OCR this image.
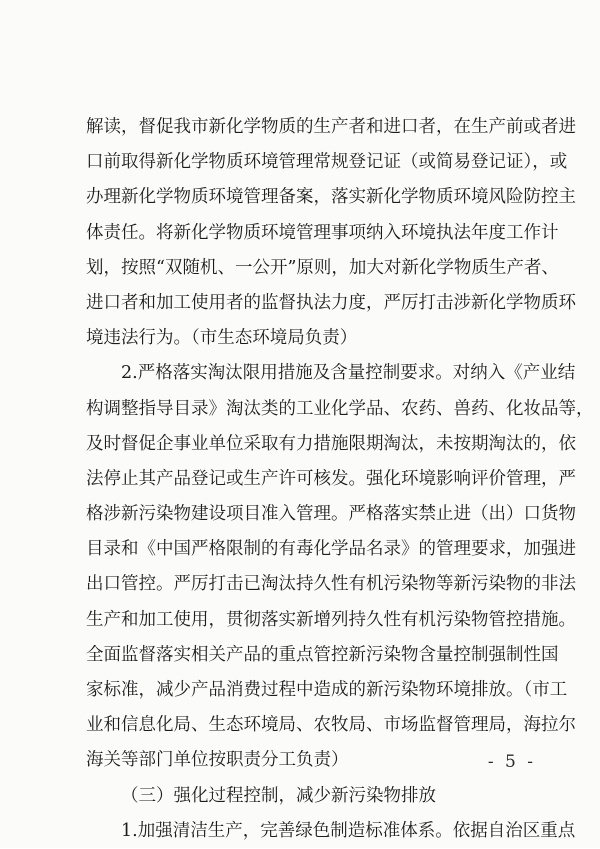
解读，督促我市新化学物质的生产者和进口者，在生产前或者进
口前取得新化学物质环境管理常规登记证（或简易登记证），或
办理新化学物质环境管理备案，落实新化学物质环境风险防控主
体责任。将新化学物质环境管理事项纳入环境执法年度工作计
划，按照“双随机、一公开”原则，加大对新化学物质生产者、
进口者和加工使用者的监督执法力度，严厉打击涉新化学物质环
境违法行为。（市生态环境局负责）
2.严格落实淘汰限用措施及含量控制要求。对纳入《产业结
构调整指导目录》淘汰类的工业化学品、农药、兽药、化妆品等，
及时督促企事业单位采取有力措施限期淘汰，未按期淘汰的，依
法停止其产品登记或生产许可核发。强化环境影响评价管理，严
格涉新污染物建设项目准入管理。严格落实禁止进（出）口货物
目录和《中国严格限制的有毒化学品名录》的管理要求，加强进
出口管控。严厉打击已淘汰持久性有机污染物等新污染物的非法
生产和加工使用，贯彻落实新增列持久性有机污染物管控措施。
全面监督落实相关产品的重点管控新污染物含量控制强制性国
家标准，减少产品消费过程中造成的新污染物环境排放。（市工
业和信息化局、生态环境局、农牧局、市场监督管理局，海拉尔
海关等部门单位按职责分工负责）
（三）强化过程控制，减少新污染物排放
1.加强清洁生产，完善绿色制造标准体系。依据自治区重点
- 5 -
